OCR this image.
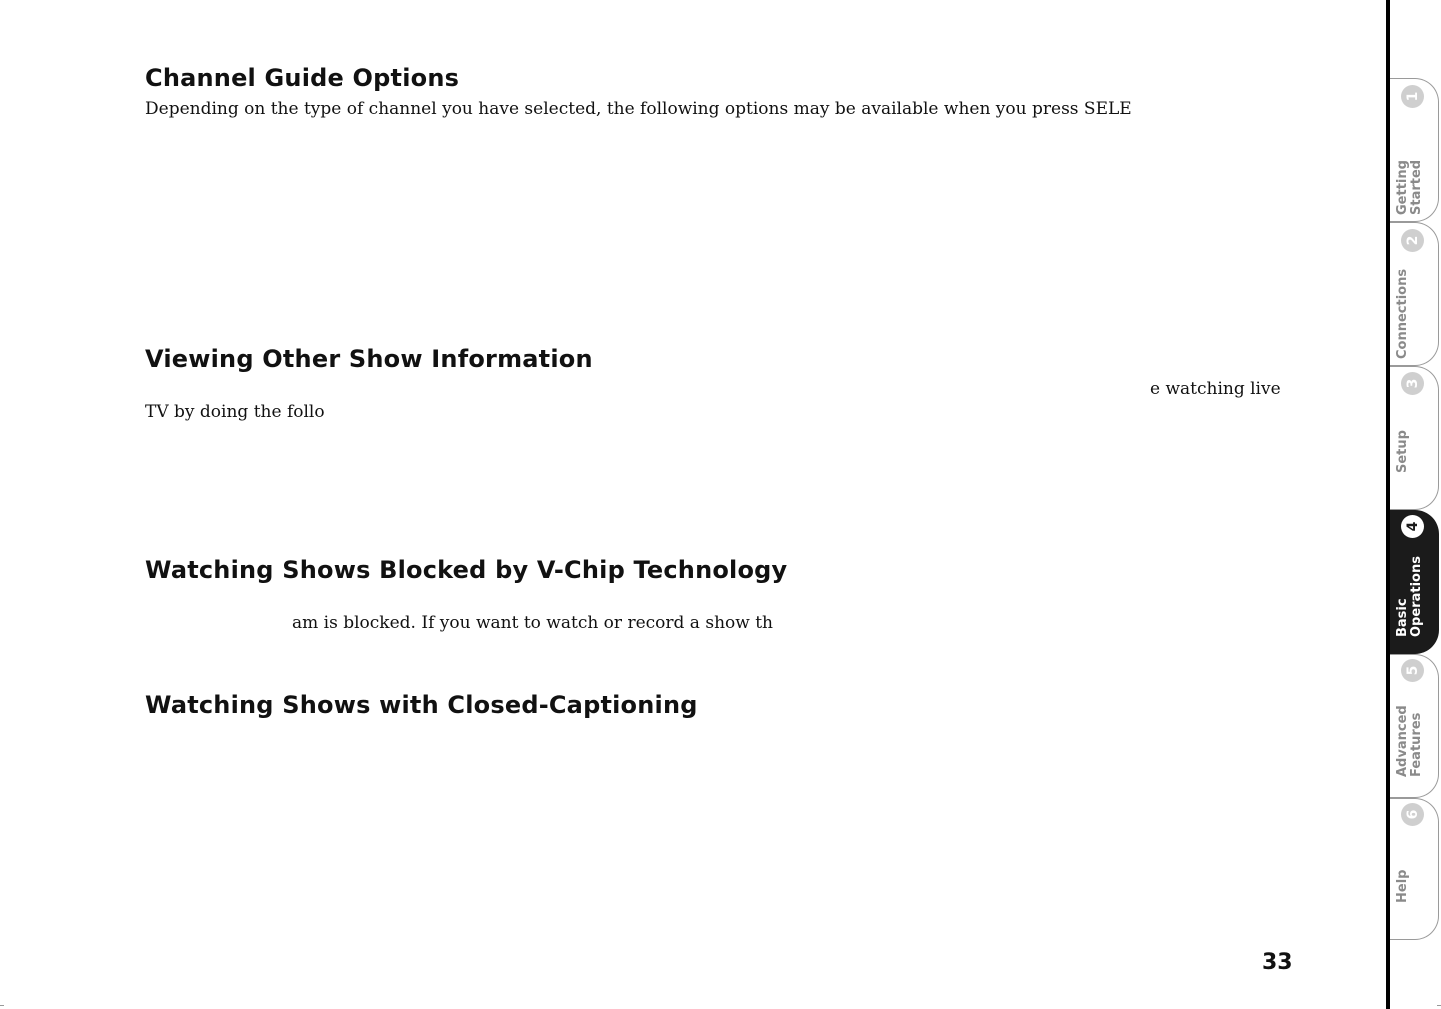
Channel Guide Options

Depending on the type of channel you have selected, the following options may be available when you press SELE

Viewing Other Show Information

e watching live

TV by doing the follo

Watching Shows Blocked by V-Chip Technology

am is blocked. If you want to watch or record a show th

Watching Shows with Closed-Captioning
33
1
Getting
Started
2
Connections
3
Setup
4
Basic
Operations
5
Advanced
Features
6
Help
